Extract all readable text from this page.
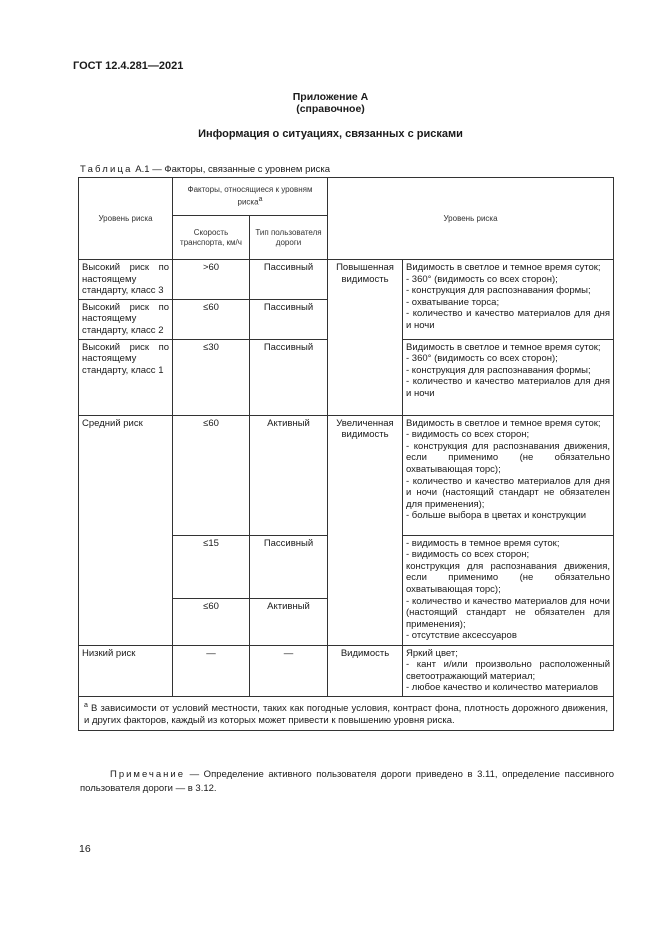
ГОСТ 12.4.281—2021
Приложение А
(справочное)
Информация о ситуациях, связанных с рисками
Таблица А.1 — Факторы, связанные с уровнем риска
Уровень риска	Факторы, относящиеся к уровням риска$^a$		Уровень риска	
	Скорость транспорта, км/ч	Тип пользователя дороги		
Высокий риск по настоящему стандарту, класс 3	>60	Пассивный	Повышенная видимость	Видимость в светлое и темное время суток;
- 360° (видимость со всех сторон);
- конструкция для распознавания формы;
- охватывание торса;
- количество и качество материалов для дня и ночи

Высокий риск по настоящему стандарту, класс 2	≤60	Пассивный		
Высокий риск по настоящему стандарту, класс 1	≤30	Пассивный		Видимость в светлое и темное время суток;
- 360° (видимость со всех сторон);
- конструкция для распознавания формы;
- количество и качество материалов для дня и ночи

Средний риск	≤60	Активный	Увеличенная видимость	Видимость в светлое и темное время суток;
- видимость со всех сторон;
- конструкция для распознавания движения, если применимо (не обязательно охватывающая торс);
- количество и качество материалов для дня и ночи (настоящий стандарт не обязателен для применения);
- больше выбора в цветах и конструкции

	≤15	Пассивный		- видимость в темное время суток;
- видимость со всех сторон;
конструкция для распознавания движения, если применимо (не обязательно охватывающая торс);
- количество и качество материалов для ночи (настоящий стандарт не обязателен для применения);
- отсутствие аксессуаров

	≤60	Активный		
Низкий риск	—	—	Видимость	Яркий цвет;
- кант и/или произвольно расположенный светоотражающий материал;
- любое качество и количество материалов

$^a$ В зависимости от условий местности, таких как погодные условия, контраст фона, плотность дорожного движения, и других факторов, каждый из которых может привести к повышению уровня риска.				
Примечание — Определение активного пользователя дороги приведено в 3.11, определение пассивного пользователя дороги — в 3.12.
16
